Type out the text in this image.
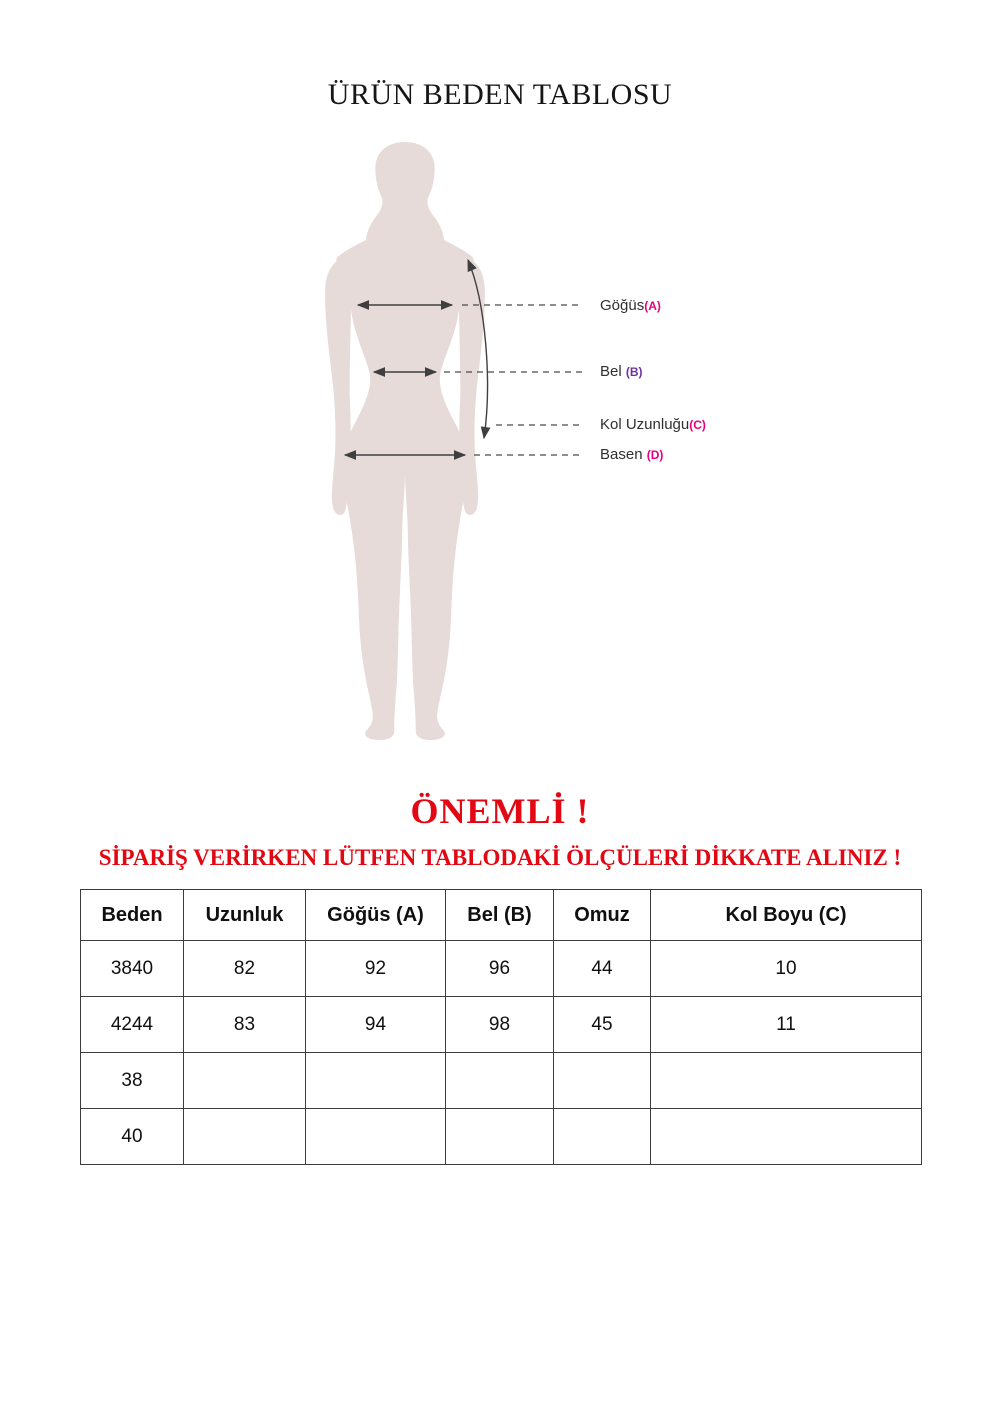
ÜRÜN BEDEN TABLOSU
Göğüs(A)
Bel (B)
Kol Uzunluğu(C)
Basen (D)
ÖNEMLİ !
SİPARİŞ VERİRKEN LÜTFEN TABLODAKİ ÖLÇÜLERİ DİKKATE ALINIZ !
Beden	Uzunluk	Göğüs (A)	Bel (B)	Omuz	Kol Boyu (C)
3840	82	92	96	44	10
4244	83	94	98	45	11
38					
40					
